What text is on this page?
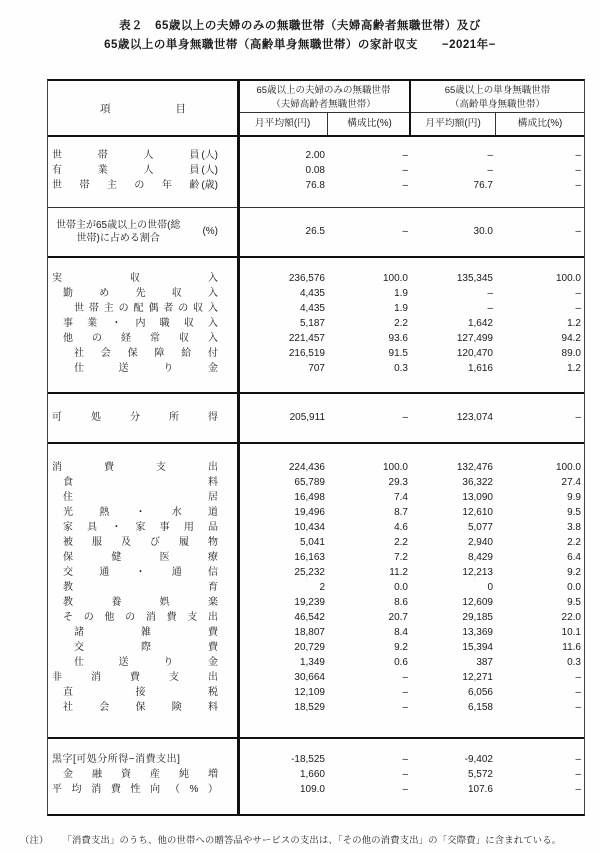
表２　65歳以上の夫婦のみの無職世帯（夫婦高齢者無職世帯）及び
65歳以上の単身無職世帯（高齢単身無職世帯）の家計収支　　−2021年−
項目
65歳以上の夫婦のみの無職世帯
（夫婦高齢者無職世帯）
月平均額(円)	構成比(%)
65歳以上の単身無職世帯
（高齢単身無職世帯）
月平均額(円)	構成比(%)
世帯人員 (人)	2.00	–	–	–
有業人員 (人)	0.08	–	–	–
世帯主の年齢 (歳)	76.8	–	76.7	–
世帯主が65歳以上の世帯(総
世帯)に占める割合
(%)	26.5	–	30.0	–
実収入	236,576	100.0	135,345	100.0
勤め先収入	4,435	1.9	–	–
世帯主の配偶者の収入	4,435	1.9	–	–
事業・内職収入	5,187	2.2	1,642	1.2
他の経常収入	221,457	93.6	127,499	94.2
社会保障給付	216,519	91.5	120,470	89.0
仕送り金	707	0.3	1,616	1.2
可処分所得	205,911	–	123,074	–
消費支出	224,436	100.0	132,476	100.0
食料	65,789	29.3	36,322	27.4
住居	16,498	7.4	13,090	9.9
光熱・水道	19,496	8.7	12,610	9.5
家具・家事用品	10,434	4.6	5,077	3.8
被服及び履物	5,041	2.2	2,940	2.2
保健医療	16,163	7.2	8,429	6.4
交通・通信	25,232	11.2	12,213	9.2
教育	2	0.0	0	0.0
教養娯楽	19,239	8.6	12,609	9.5
その他の消費支出	46,542	20.7	29,185	22.0
諸雑費	18,807	8.4	13,369	10.1
交際費	20,729	9.2	15,394	11.6
仕送り金	1,349	0.6	387	0.3
非消費支出	30,664	–	12,271	–
直接税	12,109	–	6,056	–
社会保険料	18,529	–	6,158	–
黒字[可処分所得−消費支出]	-18,525	–	-9,402	–
金融資産純増	1,660	–	5,572	–
平均消費性向（%）	109.0	–	107.6	–
（注） 「消費支出」のうち、他の世帯への贈答品やサービスの支出は、「その他の消費支出」の「交際費」に含まれている。
